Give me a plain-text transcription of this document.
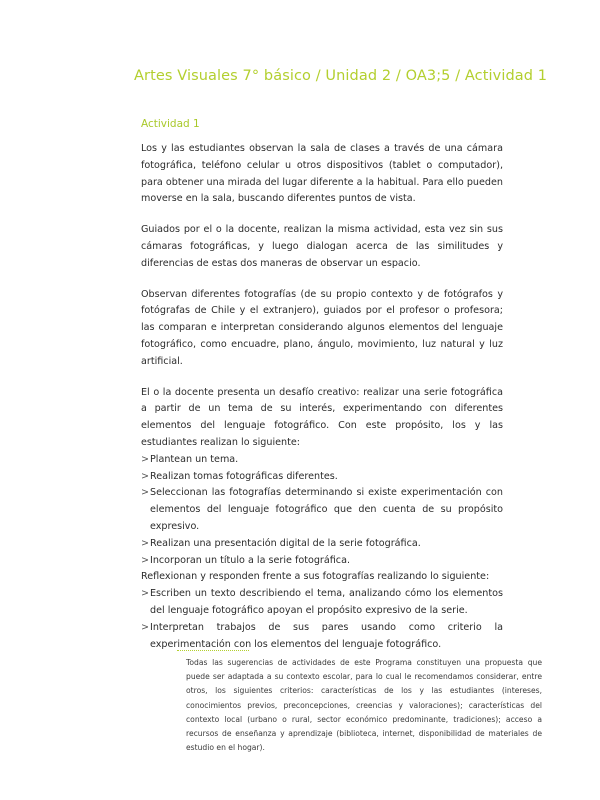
Artes Visuales 7° básico / Unidad 2 / OA3;5 / Actividad 1
Actividad 1

Los y las estudiantes observan la sala de clases a través de una cámara fotográfica, teléfono celular u otros dispositivos (tablet o computador), para obtener una mirada del lugar diferente a la habitual. Para ello pueden moverse en la sala, buscando diferentes puntos de vista.

Guiados por el o la docente, realizan la misma actividad, esta vez sin sus cámaras fotográficas, y luego dialogan acerca de las similitudes y diferencias de estas dos maneras de observar un espacio.

Observan diferentes fotografías (de su propio contexto y de fotógrafos y fotógrafas de Chile y el extranjero), guiados por el profesor o profesora; las comparan e interpretan considerando algunos elementos del lenguaje fotográfico, como encuadre, plano, ángulo, movimiento, luz natural y luz artificial.

El o la docente presenta un desafío creativo: realizar una serie fotográfica a partir de un tema de su interés, experimentando con diferentes elementos del lenguaje fotográfico. Con este propósito, los y las estudiantes realizan lo siguiente:

> Plantean un tema.
> Realizan tomas fotográficas diferentes.
> Seleccionan las fotografías determinando si existe experimentación con elementos del lenguaje fotográfico que den cuenta de su propósito expresivo.
> Realizan una presentación digital de la serie fotográfica.
> Incorporan un título a la serie fotográfica.

Reflexionan y responden frente a sus fotografías realizando lo siguiente:

> Escriben un texto describiendo el tema, analizando cómo los elementos del lenguaje fotográfico apoyan el propósito expresivo de la serie.
> Interpretan trabajos de sus pares usando como criterio la experimentación con los elementos del lenguaje fotográfico.
Todas las sugerencias de actividades de este Programa constituyen una propuesta que puede ser adaptada a su contexto escolar, para lo cual le recomendamos considerar, entre otros, los siguientes criterios: características de los y las estudiantes (intereses, conocimientos previos, preconcepciones, creencias y valoraciones); características del contexto local (urbano o rural, sector económico predominante, tradiciones); acceso a recursos de enseñanza y aprendizaje (biblioteca, internet, disponibilidad de materiales de estudio en el hogar).
